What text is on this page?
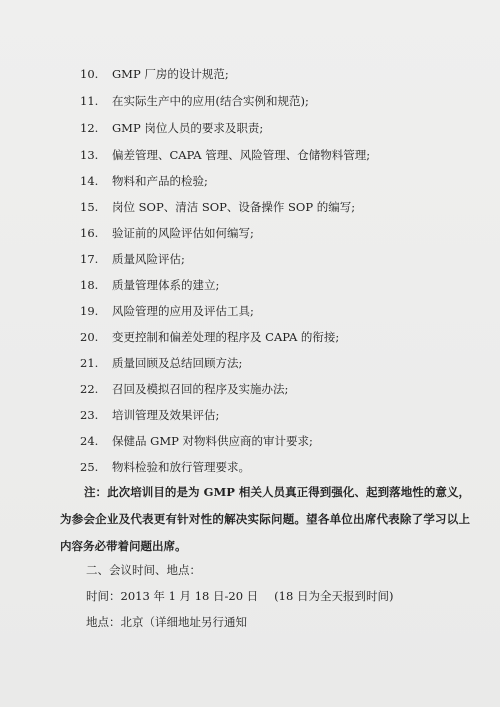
10. GMP 厂房的设计规范;
11. 在实际生产中的应用(结合实例和规范);
12. GMP 岗位人员的要求及职责;
13. 偏差管理、CAPA 管理、风险管理、仓储物料管理;
14. 物料和产品的检验;
15. 岗位 SOP、清洁 SOP、设备操作 SOP 的编写;
16. 验证前的风险评估如何编写;
17. 质量风险评估;
18. 质量管理体系的建立;
19. 风险管理的应用及评估工具;
20. 变更控制和偏差处理的程序及 CAPA 的衔接;
21. 质量回顾及总结回顾方法;
22. 召回及模拟召回的程序及实施办法;
23. 培训管理及效果评估;
24. 保健品 GMP 对物料供应商的审计要求;
25. 物料检验和放行管理要求。
注：此次培训目的是为 GMP 相关人员真正得到强化、起到落地性的意义，为参会企业及代表更有针对性的解决实际问题。望各单位出席代表除了学习以上内容务必带着问题出席。
二、会议时间、地点：
时间：2013 年 1 月 18 日-20 日 (18 日为全天报到时间)
地点：北京（详细地址另行通知
